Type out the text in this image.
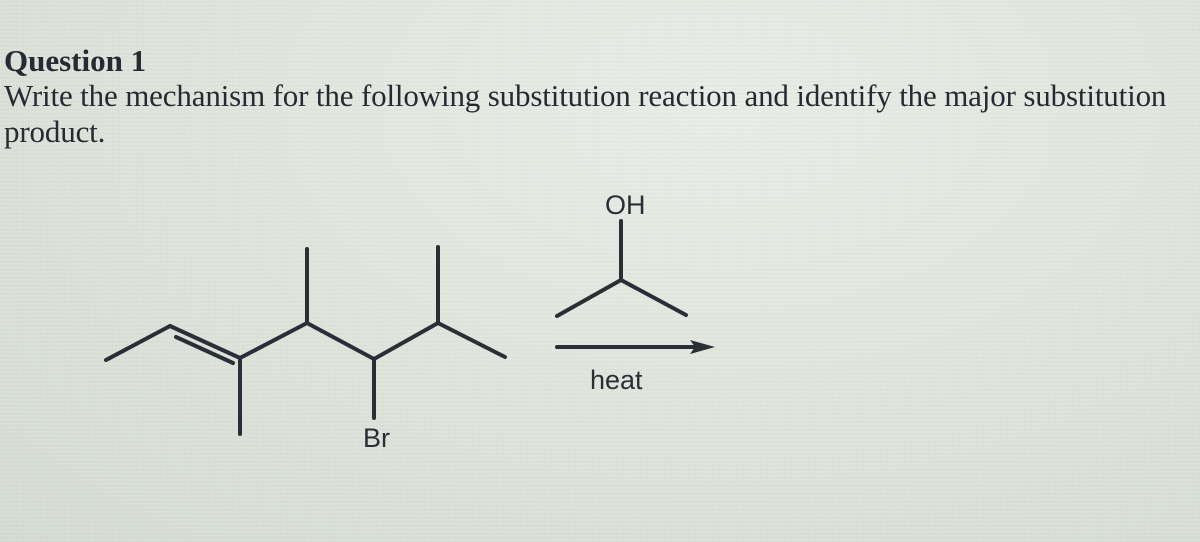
Question 1

Write the mechanism for the following substitution reaction and identify the major substitution product.

Br
OH
heat
